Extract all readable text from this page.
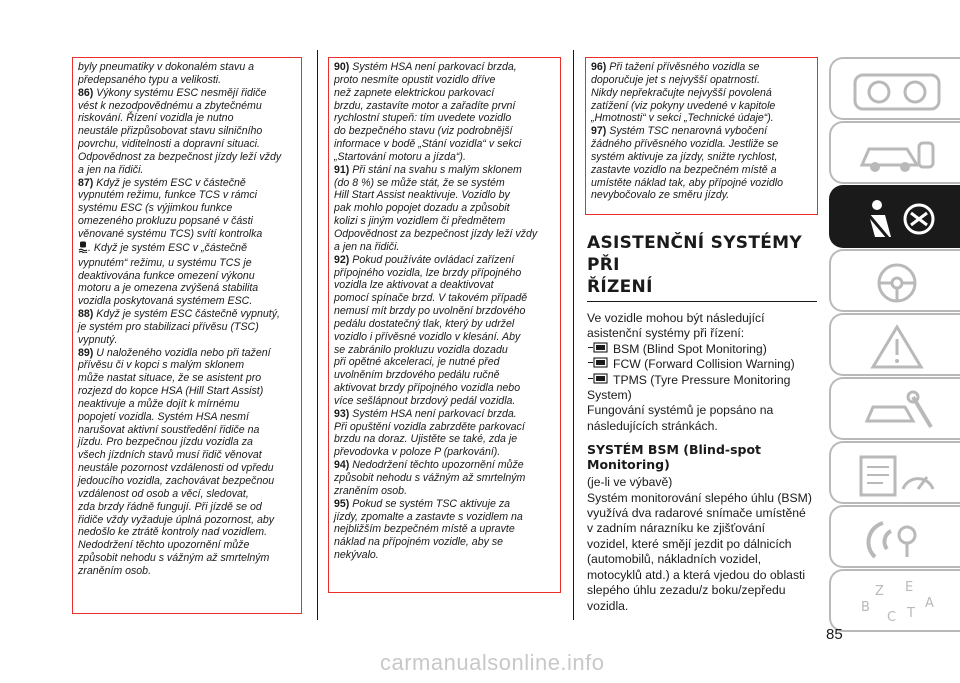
byly pneumatiky v dokonalém stavu a

předepsaného typu a velikosti.

86) Výkony systému ESC nesmějí řidiče

vést k nezodpovědnému a zbytečnému

riskování. Řízení vozidla je nutno

neustále přizpůsobovat stavu silničního

povrchu, viditelnosti a dopravní situaci.

Odpovědnost za bezpečnost jízdy leží vždy

a jen na řidiči.

87) Když je systém ESC v částečně

vypnutém režimu, funkce TCS v rámci

systému ESC (s výjimkou funkce

omezeného prokluzu popsané v části

věnované systému TCS) svítí kontrolka

. Když je systém ESC v „částečně

vypnutém“ režimu, u systému TCS je

deaktivována funkce omezení výkonu

motoru a je omezena zvýšená stabilita

vozidla poskytovaná systémem ESC.

88) Když je systém ESC částečně vypnutý,

je systém pro stabilizaci přívěsu (TSC)

vypnutý.

89) U naloženého vozidla nebo při tažení

přívěsu či v kopci s malým sklonem

může nastat situace, že se asistent pro

rozjezd do kopce HSA (Hill Start Assist)

neaktivuje a může dojít k mírnému

popojetí vozidla. Systém HSA nesmí

narušovat aktivní soustředění řidiče na

jízdu. Pro bezpečnou jízdu vozidla za

všech jízdních stavů musí řidič věnovat

neustále pozornost vzdálenosti od vpředu

jedoucího vozidla, zachovávat bezpečnou

vzdálenost od osob a věcí, sledovat,

zda brzdy řádně fungují. Při jízdě se od

řidiče vždy vyžaduje úplná pozornost, aby

nedošlo ke ztrátě kontroly nad vozidlem.

Nedodržení těchto upozornění může

způsobit nehodu s vážným až smrtelným

zraněním osob.

90) Systém HSA není parkovací brzda,

proto nesmíte opustit vozidlo dříve

než zapnete elektrickou parkovací

brzdu, zastavíte motor a zařadíte první

rychlostní stupeň: tím uvedete vozidlo

do bezpečného stavu (viz podrobnější

informace v bodě „Stání vozidla“ v sekci

„Startování motoru a jízda“).

91) Při stání na svahu s malým sklonem

(do 8 %) se může stát, že se systém

Hill Start Assist neaktivuje. Vozidlo by

pak mohlo popojet dozadu a způsobit

kolizi s jiným vozidlem či předmětem

Odpovědnost za bezpečnost jízdy leží vždy

a jen na řidiči.

92) Pokud používáte ovládací zařízení

přípojného vozidla, lze brzdy přípojného

vozidla lze aktivovat a deaktivovat

pomocí spínače brzd. V takovém případě

nemusí mít brzdy po uvolnění brzdového

pedálu dostatečný tlak, který by udržel

vozidlo i přívěsné vozidlo v klesání. Aby

se zabránilo prokluzu vozidla dozadu

při opětné akceleraci, je nutné před

uvolněním brzdového pedálu ručně

aktivovat brzdy přípojného vozidla nebo

více sešlápnout brzdový pedál vozidla.

93) Systém HSA není parkovací brzda.

Při opuštění vozidla zabrzděte parkovací

brzdu na doraz. Ujistěte se také, zda je

převodovka v poloze P (parkování).

94) Nedodržení těchto upozornění může

způsobit nehodu s vážným až smrtelným

zraněním osob.

95) Pokud se systém TSC aktivuje za

jízdy, zpomalte a zastavte s vozidlem na

nejbližším bezpečném místě a upravte

náklad na přípojném vozidle, aby se

nekývalo.

96) Při tažení přívěsného vozidla se

doporučuje jet s nejvyšší opatrností.

Nikdy nepřekračujte nejvyšší povolená

zatížení (viz pokyny uvedené v kapitole

„Hmotnosti“ v sekci „Technické údaje“).

97) Systém TSC nenarovná vybočení

žádného přívěsného vozidla. Jestliže se

systém aktivuje za jízdy, snižte rychlost,

zastavte vozidlo na bezpečném místě a

umístěte náklad tak, aby přípojné vozidlo

nevybočovalo ze směru jízdy.

ASISTENČNÍ SYSTÉMY PŘI
ŘÍZENÍ

Ve vozidle mohou být následující

asistenční systémy při řízení:

BSM (Blind Spot Monitoring)
FCW (Forward Collision Warning)
TPMS (Tyre Pressure Monitoring
System)

Fungování systémů je popsáno na

následujících stránkách.

SYSTÉM BSM (Blind-spot
Monitoring)

(je-li ve výbavě)

Systém monitorování slepého úhlu (BSM)

využívá dva radarové snímače umístěné

v zadním nárazníku ke zjišťování

vozidel, které smějí jezdit po dálnicích

(automobilů, nákladních vozidel,

motocyklů atd.) a která vjedou do oblasti

slepého úhlu zezadu/z boku/zepředu

vozidla.

Z E
B
C T
A
85
carmanualsonline.info
